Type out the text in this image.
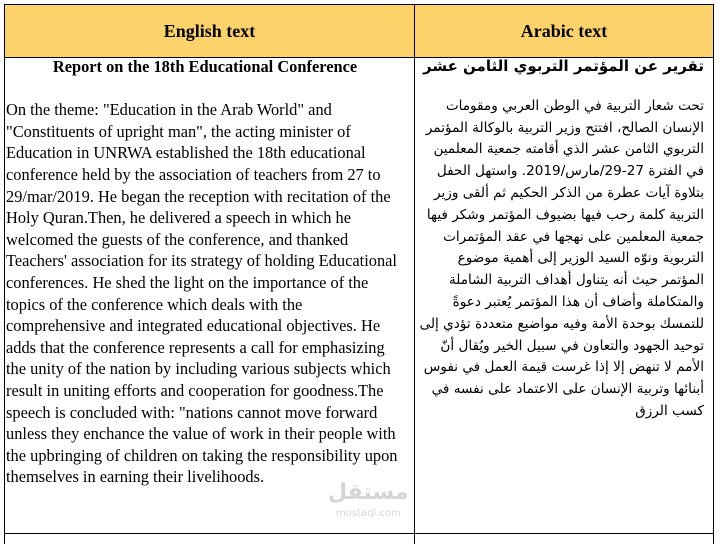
English text	Arabic text

Report on the 18th Educational Conference

On the theme: "Education in the Arab World" and "Constituents of upright man", the acting minister of Education in UNRWA established the 18th educational conference held by the association of teachers from 27 to 29/mar/2019. He began the reception with recitation of the Holy Quran.Then, he delivered a speech in which he welcomed the guests of the conference, and thanked Teachers' association for its strategy of holding Educational conferences. He shed the light on the importance of the topics of the conference which deals with the comprehensive and integrated educational objectives. He adds that the conference represents a call for emphasizing the unity of the nation by including various subjects which result in uniting efforts and cooperation for goodness.The speech is concluded with: "nations cannot move forward unless they enchance the value of work in their people with the upbringing of children on taking the responsibility upon themselves in earning their livelihoods.

تقرير عن المؤتمر التربوي الثامن عشر

تحت شعار التربية في الوطن العربي ومقومات الإنسان الصالح، افتتح وزير التربية بالوكالة المؤتمر التربوي الثامن عشر الذي أقامته جمعية المعلمين في الفترة 27-29/مارس/2019. واستهل الحفل بتلاوة آيات عطرة من الذكر الحكيم ثم ألقى وزير التربية كلمة رحب فيها بضيوف المؤتمر وشكر فيها جمعية المعلمين على نهجها في عقد المؤتمرات التربوية ونوّه السيد الوزير إلى أهمية موضوع المؤتمر حيث أنه يتناول أهداف التربية الشاملة والمتكاملة وأضاف أن هذا المؤتمر يُعتبر دعوةً للتمسك بوحدة الأمة وفيه مواضيع متعددة تؤدي إلى توحيد الجهود والتعاون في سبيل الخير ويُقال أنّ الأمم لا تنهض إلا إذا غرست قيمة العمل في نفوس أبنائها وتربية الإنسان على الاعتماد على نفسه في كسب الرزق

مستقل
mostaql.com
